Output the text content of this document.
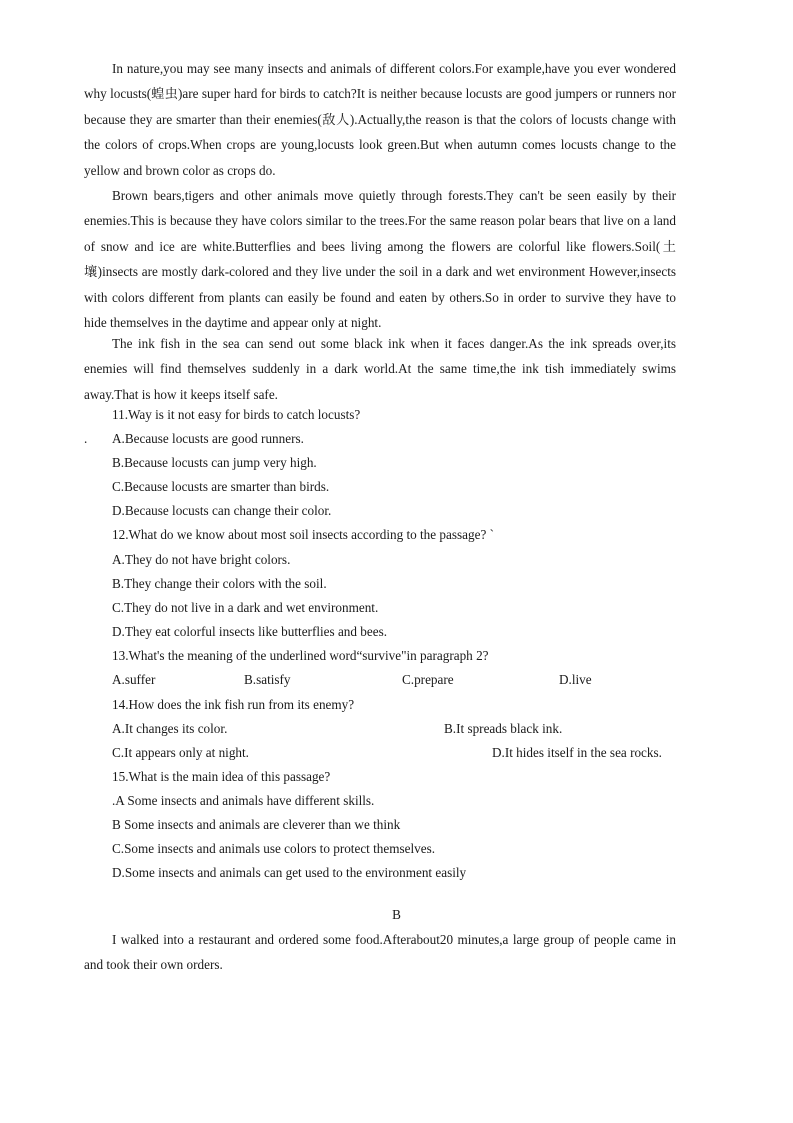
In nature,you may see many insects and animals of different colors.For example,have you ever wondered why locusts(蝗虫)are super hard for birds to catch?It is neither because locusts are good jumpers or runners nor because they are smarter than their enemies(敌人).Actually,the reason is that the colors of locusts change with the colors of crops.When crops are young,locusts look green.But when autumn comes locusts change to the yellow and brown color as crops do.

Brown bears,tigers and other animals move quietly through forests.They can't be seen easily by their enemies.This is because they have colors similar to the trees.For the same reason polar bears that live on a land of snow and ice are white.Butterflies and bees living among the flowers are colorful like flowers.Soil(土壤)insects are mostly dark-colored and they live under the soil in a dark and wet environment However,insects with colors different from plants can easily be found and eaten by others.So in order to survive they have to hide themselves in the daytime and appear only at night.

The ink fish in the sea can send out some black ink when it faces danger.As the ink spreads over,its enemies will find themselves suddenly in a dark world.At the same time,the ink tish immediately swims away.That is how it keeps itself safe.

11.Way is it not easy for birds to catch locusts?
. A.Because locusts are good runners.
B.Because locusts can jump very high.
C.Because locusts are smarter than birds.
D.Because locusts can change their color.
12.What do we know about most soil insects according to the passage? `
A.They do not have bright colors.
B.They change their colors with the soil.
C.They do not live in a dark and wet environment.
D.They eat colorful insects like butterflies and bees.
13.What's the meaning of the underlined word“survive"in paragraph 2?
A.suffer	B.satisfy	C.prepare	D.live
14.How does the ink fish run from its enemy?
A.It changes its color.	B.It spreads black ink.
C.It appears only at night.	D.It hides itself in the sea rocks.
15.What is the main idea of this passage?
.A Some insects and animals have different skills.
B Some insects and animals are cleverer than we think
C.Some insects and animals use colors to protect themselves.
D.Some insects and animals can get used to the environment easily
B

I walked into a restaurant and ordered some food.Afterabout20 minutes,a large group of people came in and took their own orders.
